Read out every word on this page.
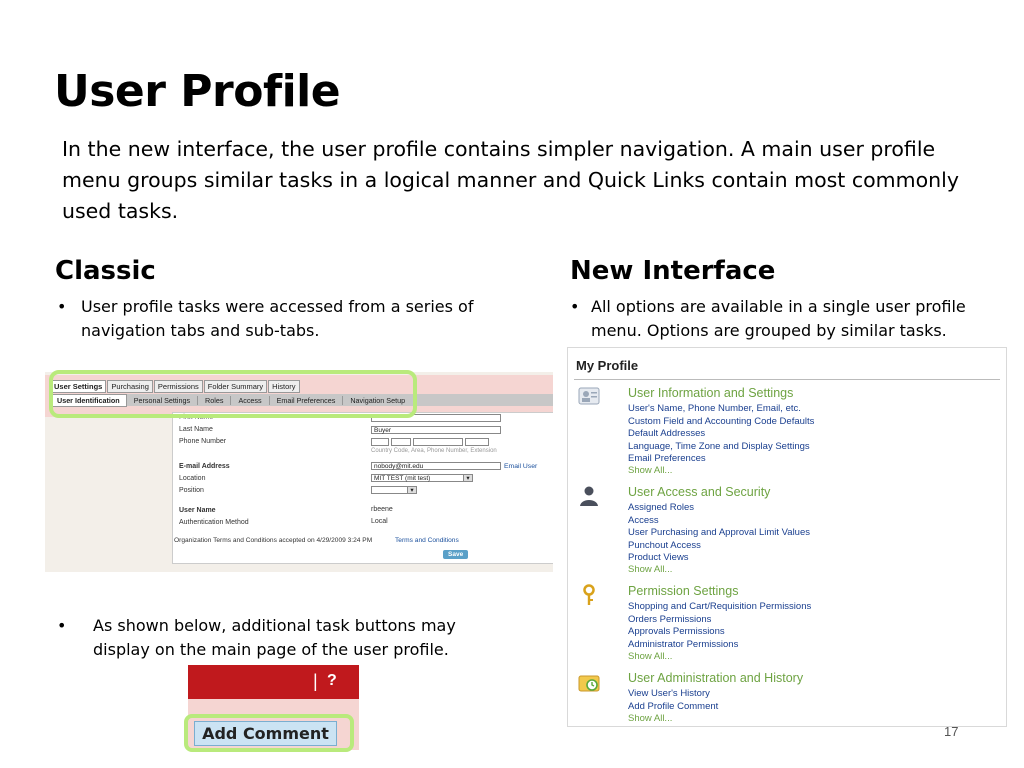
User Profile
In the new interface, the user profile contains simpler navigation. A main user profile menu groups similar tasks in a logical manner and Quick Links contain most commonly used tasks.
Classic
• User profile tasks were accessed from a series of navigation tabs and sub-tabs.
User Settings	Purchasing	Permissions	Folder Summary	History
User Identification	Personal Settings	Roles	Access	Email Preferences	Navigation Setup
First Name
Last Name	Buyer
Phone Number
Country Code, Area, Phone Number, Extension
E-mail Address	nobody@mit.edu	Email User
Location	MIT TEST (mit test)	▾
Position	▾
User Name	rbeene
Authentication Method	Local
Organization Terms and Conditions accepted on 4/29/2009 3:24 PM	Terms and Conditions
Save
•	As shown below, additional task buttons may display on the main page of the user profile.
| ?
Add Comment
New Interface
• All options are available in a single user profile menu. Options are grouped by similar tasks.
My Profile
User Information and Settings
User's Name, Phone Number, Email, etc.
Custom Field and Accounting Code Defaults
Default Addresses
Language, Time Zone and Display Settings
Email Preferences
Show All...
User Access and Security
Assigned Roles
Access
User Purchasing and Approval Limit Values
Punchout Access
Product Views
Show All...
Permission Settings
Shopping and Cart/Requisition Permissions
Orders Permissions
Approvals Permissions
Administrator Permissions
Show All...
User Administration and History
View User's History
Add Profile Comment
Show All...
17
